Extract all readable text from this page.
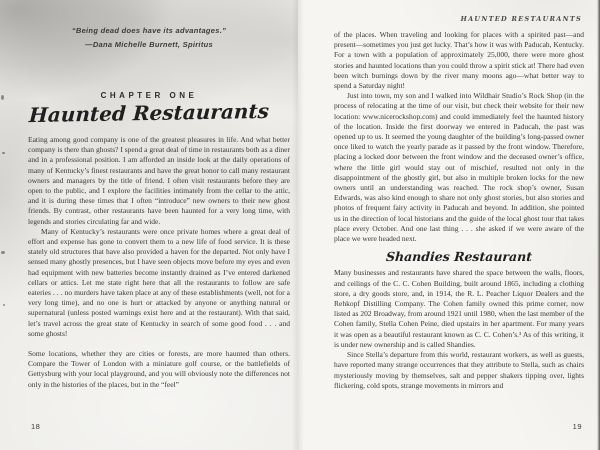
“Being dead does have its advantages.”
—Dana Michelle Burnett, Spiritus
CHAPTER ONE
Haunted Restaurants

Eating among good company is one of the greatest pleasures in life. And what better company is there than ghosts? I spend a great deal of time in restaurants both as a diner and in a professional position. I am afforded an inside look at the daily operations of many of Kentucky’s finest restaurants and have the great honor to call many restaurant owners and managers by the title of friend. I often visit restaurants before they are open to the public, and I explore the facilities intimately from the cellar to the attic, and it is during these times that I often “introduce” new owners to their new ghost friends. By contrast, other restaurants have been haunted for a very long time, with legends and stories circulating far and wide.

Many of Kentucky’s restaurants were once private homes where a great deal of effort and expense has gone to convert them to a new life of food service. It is these stately old structures that have also provided a haven for the departed. Not only have I sensed many ghostly presences, but I have seen objects move before my eyes and even had equipment with new batteries become instantly drained as I’ve entered darkened cellars or attics. Let me state right here that all the restaurants to follow are safe eateries . . . no murders have taken place at any of these establishments (well, not for a very long time), and no one is hurt or attacked by anyone or anything natural or supernatural (unless posted warnings exist here and at the restaurant). With that said, let’s travel across the great state of Kentucky in search of some good food . . . and some ghosts!

Some locations, whether they are cities or forests, are more haunted than others. Compare the Tower of London with a miniature golf course, or the battlefields of Gettysburg with your local playground, and you will obviously note the differences not only in the histories of the places, but in the “feel”

18
HAUNTED RESTAURANTS

of the places. When traveling and looking for places with a spirited past—and present—sometimes you just get lucky. That’s how it was with Paducah, Kentucky. For a town with a population of approximately 25,000, there were more ghost stories and haunted locations than you could throw a spirit stick at! There had even been witch burnings down by the river many moons ago—what better way to spend a Saturday night!

Just into town, my son and I walked into Wildhair Studio’s Rock Shop (in the process of relocating at the time of our visit, but check their website for their new location: www.nicerockshop.com) and could immediately feel the haunted history of the location. Inside the first doorway we entered in Paducah, the past was opened up to us. It seemed the young daughter of the building’s long-passed owner once liked to watch the yearly parade as it passed by the front window. Therefore, placing a locked door between the front window and the deceased owner’s office, where the little girl would stay out of mischief, resulted not only in the disappointment of the ghostly girl, but also in multiple broken locks for the new owners until an understanding was reached. The rock shop’s owner, Susan Edwards, was also kind enough to share not only ghost stories, but also stories and photos of frequent fairy activity in Paducah and beyond. In addition, she pointed us in the direction of local historians and the guide of the local ghost tour that takes place every October. And one last thing . . . she asked if we were aware of the place we were headed next.

Shandies Restaurant

Many businesses and restaurants have shared the space between the walls, floors, and ceilings of the C. C. Cohen Building, built around 1865, including a clothing store, a dry goods store, and, in 1914, the R. L. Peacher Liquor Dealers and the Rehkopf Distilling Company. The Cohen family owned this prime corner, now listed as 202 Broadway, from around 1921 until 1980, when the last member of the Cohen family, Stella Cohen Peine, died upstairs in her apartment. For many years it was open as a beautiful restaurant known as C. C. Cohen’s.³ As of this writing, it is under new ownership and is called Shandies.

Since Stella’s departure from this world, restaurant workers, as well as guests, have reported many strange occurrences that they attribute to Stella, such as chairs mysteriously moving by themselves, salt and pepper shakers tipping over, lights flickering, cold spots, strange movements in mirrors and

19
